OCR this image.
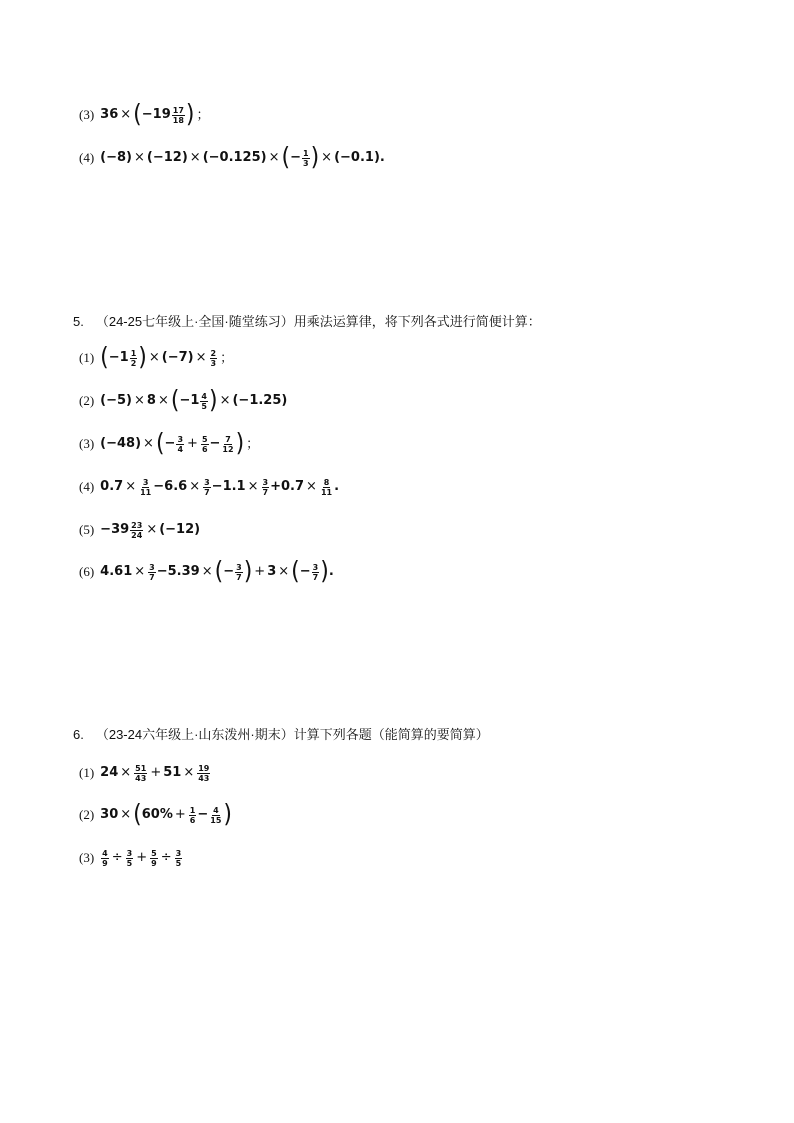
(3) 36 × ( − $19 \frac{17}{18}$ ) ；
(4) (−8) × (−12) × (−0.125) × ( − $\frac{1}{3}$ ) × (−0.1) .
5. （24-25七年级上·全国·随堂练习）用乘法运算律，将下列各式进行简便计算：
(1) ( − $1 \frac{1}{2}$ ) × $(-7) \times \frac{2}{3}$ ；
(2) (−5) × 8 × ( − $1 \frac{4}{5}$ ) × (−1.25)
(3) (−48) × ( − $\frac{3}{4} + \frac{5}{6} - \frac{7}{12}$ ) ；
(4) $0.7 \times \frac{3}{11} - 6.6 \times \frac{3}{7} - 1.1 \times \frac{3}{7} + 0.7 \times \frac{8}{11}$ .
$(5) - 39 \frac{23}{24} \times (-12)$
(6) $4.61 \times \frac{3}{7} - 5.39$ × ( − $\frac{3}{7}$ ) + 3 × ( − $\frac{3}{7}$ ) .
6. （23-24六年级上·山东泼州·期末）计算下列各题（能简算的要简算）
(1) $24 \times \frac{51}{43} + 51 \times \frac{19}{43}$
(2) 30 × ( $60\% + \frac{1}{6} - \frac{4}{15}$ )
$(3) \frac{4}{9} \div \frac{3}{5} + \frac{5}{9} \div \frac{3}{5}$
